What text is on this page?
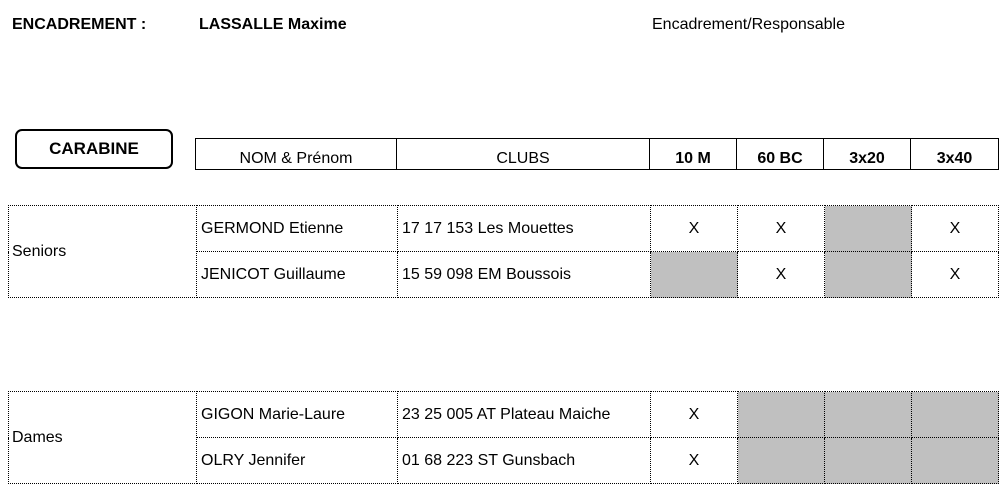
ENCADREMENT :	LASSALLE Maxime	Encadrement/Responsable
CARABINE
NOM & Prénom	CLUBS	10 M	60 BC	3x20	3x40
Seniors	GERMOND Etienne	17 17 153 Les Mouettes	X	X		X
	JENICOT Guillaume	15 59 098 EM Boussois		X		X
Dames	GIGON Marie-Laure	23 25 005 AT Plateau Maiche	X			
	OLRY Jennifer	01 68 223 ST Gunsbach	X			
